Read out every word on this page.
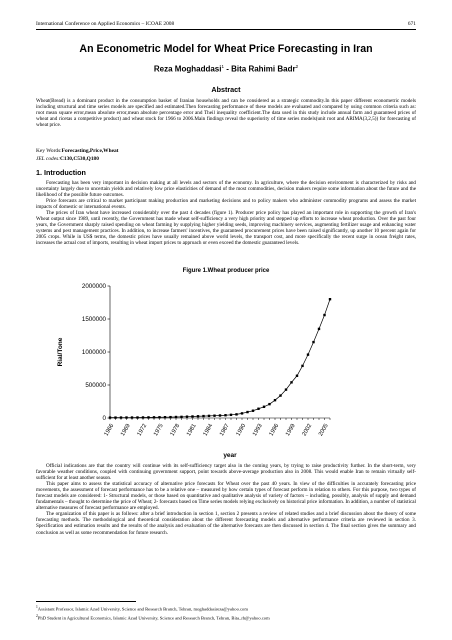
International Conference on Applied Economics – ICOAE 2008	671
An Econometric Model for Wheat Price Forecasting in Iran
Reza Moghaddasi$^1$ - Bita Rahimi Badr$^2$
Abstract
Wheat(Bread) is a dominant product in the consumption basket of Iranian households and can be considered as a strategic commodity.In this paper different econometric models including structural and time series models are specified and estimated.Then forecasting performance of these models are evaluated and compared by using common criteria such as: root mean square error,mean absolute error,mean absolute percentage error and Theil inequality coefficient.The data used in this study include annual farm and guaranteed prices of wheat and ricetas a competitive product) and wheat stock for 1966 to 2006.Main findings reveal the superiority of time series models(unit root and ARIMA(3,2,5)) for forecasting of wheat price.
Key Words:Forecasting,Price,Wheat
JEL codes:C130,C530,Q180
1. Introduction

Forecasting has been very important in decision making at all levels and sectors of the economy. In agriculture, where the decision environment is characterized by risks and uncertainty largely due to uncertain yields and relatively low price elasticities of demand of the most commodities, decision makers require some information about the future and the likelihood of the possible future outcomes.

Price forecasts are critical to market participant making production and marketing decisions and to policy makers who administer commodity programs and assess the market impacts of domestic or international events.

The prices of Iran wheat have increased considerably over the past 4 decades (figure 1). Producer price policy has played an important role in supporting the growth of Iran's Wheat output since 1989, until recently, the Government has made wheat self-sufficiency a very high priority and stepped up efforts to increase wheat production. Over the past four years, the Government sharply raised spending on wheat farming by supplying higher yielding seeds, improving machinery services, augmenting fertilizer usage and enhancing water systems and pest management practices. In addition, to increase farmers' incentives, the guaranteed procurement prices have been raised significantly, up another 10 percent again for 2005 crops. While in US$ terms, the domestic prices have usually remained above world levels, the transport cost, and more specifically the recent surge in ocean freight rates, increases the actual cost of imports, resulting in wheat import prices to approach or even exceed the domestic guaranteed levels.

Figure 1.Wheat producer price
0
500000
1000000
1500000
2000000
1966 1969 1972 1975 1978 1981 1984 1987 1990 1993 1996 1999 2002 2005
Rial/Tone
year

Official indications are that the country will continue with its self-sufficiency target also in the coming years, by trying to raise productivity further. In the short-term, very favorable weather conditions, coupled with continuing government support, point towards above-average production also in 2008. This would enable Iran to remain virtually self-sufficient for at least another season.

This paper aims to assess the statistical accuracy of alternative price forecasts for Wheat over the past 40 years. In view of the difficulties in accurately forecasting price movements, the assessment of forecast performance has to be a relative one – measured by how certain types of forecast perform in relation to others. For this purpose, two types of forecast models are considered: 1- Structural models, or those based on quantitative and qualitative analysis of variety of factors – including, possibly, analysis of supply and demand fundamentals – thought to determine the price of Wheat; 2- forecasts based on Time series models relying exclusively on historical price information. In addition, a number of statistical alternative measures of forecast performance are employed.

The organization of this paper is as follows: after a brief introduction in section 1, section 2 presents a review of related studies and a brief discussion about the theory of some forecasting methods. The methodological and theoretical consideration about the different forecasting models and alternative performance criteria are reviewed in section 3. Specification and estimation results and the results of the analysis and evaluation of the alternative forecasts are then discussed in section 4. The final section gives the summary and conclusion as well as some recommendation for future research.

$^1$Assistant Professor, Islamic Azad University, Science and Research Branch, Tehran, moghaddasireza@yahoo.com
$^2$PhD Student in Agricultural Economics, Islamic Azad University, Science and Research Branch, Tehran, Bita_rb@yahoo.com
